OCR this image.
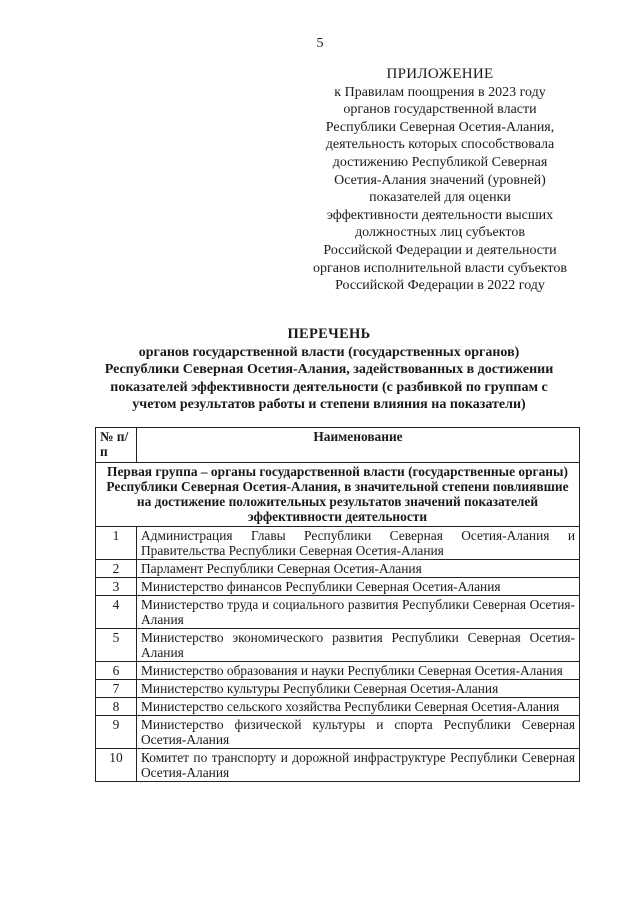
5
ПРИЛОЖЕНИЕ
к Правилам поощрения в 2023 году
органов государственной власти
Республики Северная Осетия-Алания,
деятельность которых способствовала
достижению Республикой Северная
Осетия-Алания значений (уровней)
показателей для оценки
эффективности деятельности высших
должностных лиц субъектов
Российской Федерации и деятельности
органов исполнительной власти субъектов
Российской Федерации в 2022 году
ПЕРЕЧЕНЬ
органов государственной власти (государственных органов)
Республики Северная Осетия-Алания, задействованных в достижении
показателей эффективности деятельности (с разбивкой по группам с
учетом результатов работы и степени влияния на показатели)
№ п/п	Наименование
Первая группа – органы государственной власти (государственные органы) Республики Северная Осетия-Алания, в значительной степени повлиявшие на достижение положительных результатов значений показателей эффективности деятельности	
1	Администрация Главы Республики Северная Осетия-Алания и Правительства Республики Северная Осетия-Алания
2	Парламент Республики Северная Осетия-Алания
3	Министерство финансов Республики Северная Осетия-Алания
4	Министерство труда и социального развития Республики Северная Осетия-Алания
5	Министерство экономического развития Республики Северная Осетия-Алания
6	Министерство образования и науки Республики Северная Осетия-Алания
7	Министерство культуры Республики Северная Осетия-Алания
8	Министерство сельского хозяйства Республики Северная Осетия-Алания
9	Министерство физической культуры и спорта Республики Северная Осетия-Алания
10	Комитет по транспорту и дорожной инфраструктуре Республики Северная Осетия-Алания
